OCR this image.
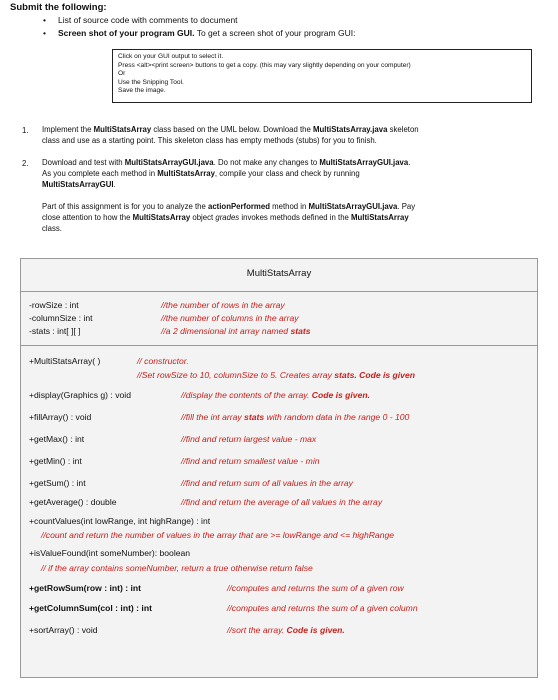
Submit the following:
• List of source code with comments to document
• Screen shot of your program GUI. To get a screen shot of your program GUI:
Click on your GUI output to select it.
Press <alt><print screen> buttons to get a copy. (this may vary slightly depending on your computer)
Or
Use the Snipping Tool.
Save the image.
1. Implement the MultiStatsArray class based on the UML below. Download the MultiStatsArray.java skeleton
class and use as a starting point. This skeleton class has empty methods (stubs) for you to finish.
2. Download and test with MultiStatsArrayGUI.java. Do not make any changes to MultiStatsArrayGUI.java.
As you complete each method in MultiStatsArray, compile your class and check by running
MultiStatsArrayGUI.
Part of this assignment is for you to analyze the actionPerformed method in MultiStatsArrayGUI.java. Pay
close attention to how the MultiStatsArray object grades invokes methods defined in the MultiStatsArray
class.
MultiStatsArray
-rowSize : int	//the number of rows in the array
-columnSize : int	//the number of columns in the array
-stats : int[ ][ ]	//a 2 dimensional int array named stats
+MultiStatsArray( )	// constructor.
//Set rowSize to 10, columnSize to 5. Creates array stats. Code is given
+display(Graphics g) : void	//display the contents of the array. Code is given.
+fillArray() : void	//fill the int array stats with random data in the range 0 - 100
+getMax() : int	//find and return largest value - max
+getMin() : int	//find and return smallest value - min
+getSum() : int	//find and return sum of all values in the array
+getAverage() : double	//find and return the average of all values in the array
+countValues(int lowRange, int highRange) : int
//count and return the number of values in the array that are >= lowRange and <= highRange
+isValueFound(int someNumber): boolean
// if the array contains someNumber, return a true otherwise return false
+getRowSum(row : int) : int	//computes and returns the sum of a given row
+getColumnSum(col : int) : int	//computes and returns the sum of a given column
+sortArray() : void	//sort the array. Code is given.
